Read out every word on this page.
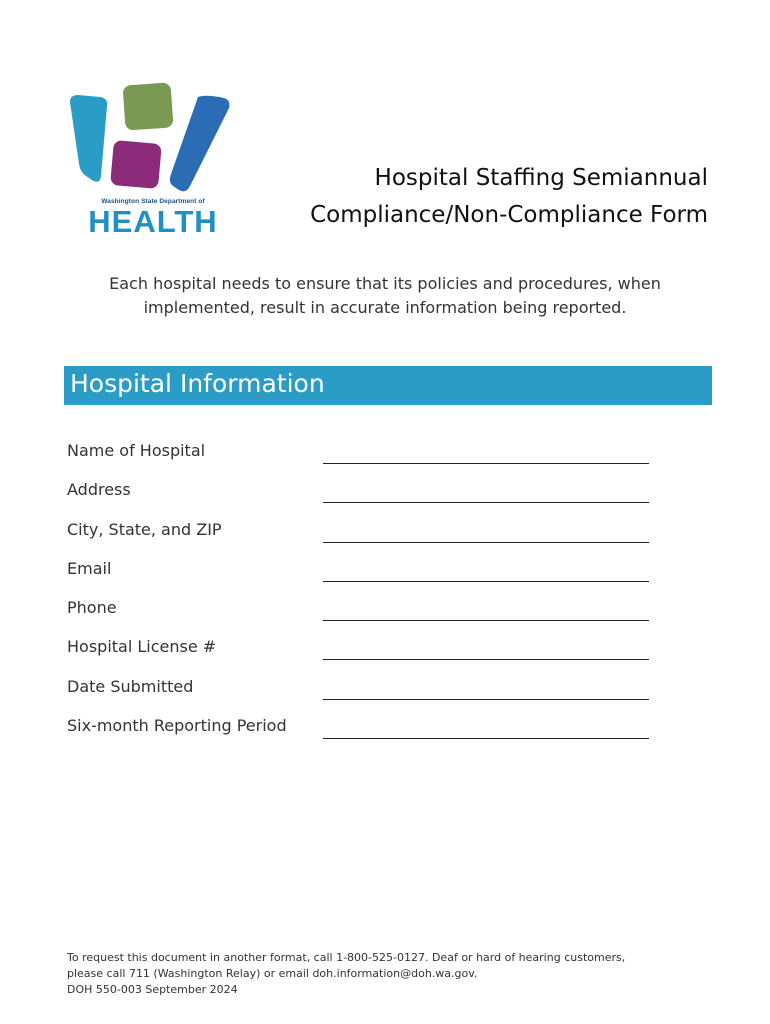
Washington State Department of
HEALTH
Hospital Staffing Semiannual
Compliance/Non-Compliance Form
Each hospital needs to ensure that its policies and procedures, when
implemented, result in accurate information being reported.
Hospital Information
Name of Hospital
Address
City, State, and ZIP
Email
Phone
Hospital License #
Date Submitted
Six-month Reporting Period
To request this document in another format, call 1-800-525-0127. Deaf or hard of hearing customers,
please call 711 (Washington Relay) or email doh.information@doh.wa.gov.
DOH 550-003 September 2024
